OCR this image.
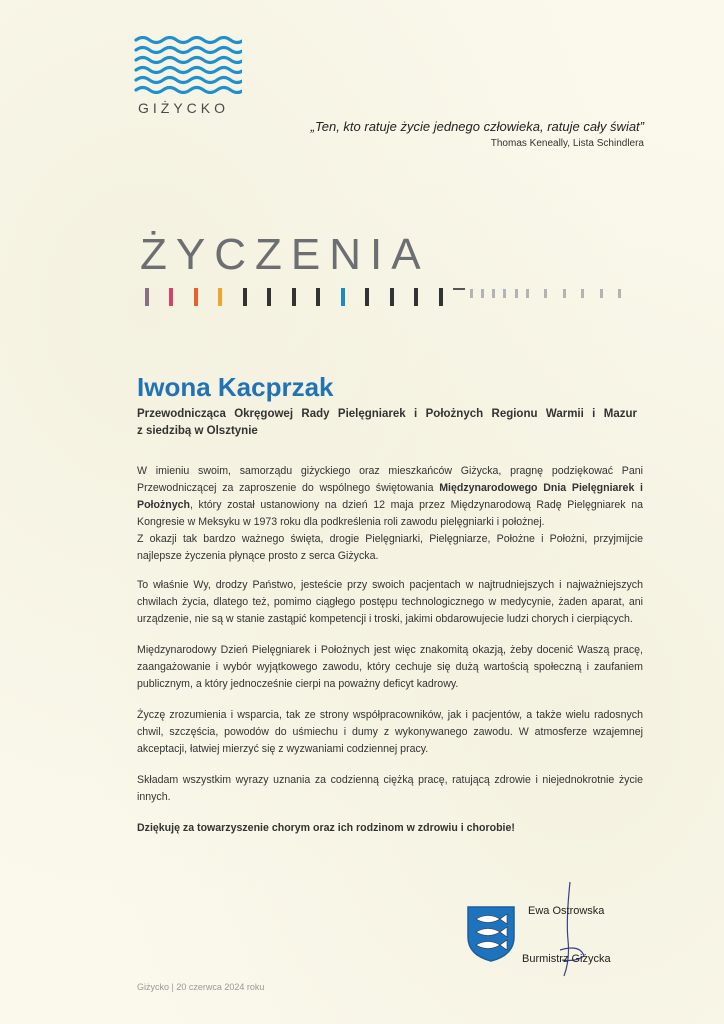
GIŻYCKO
„Ten, kto ratuje życie jednego człowieka, ratuje cały świat”
Thomas Keneally, Lista Schindlera
ŻYCZENIA
Iwona Kacprzak
Przewodnicząca Okręgowej Rady Pielęgniarek i Położnych Regionu Warmii i Mazur
z siedzibą w Olsztynie

W imieniu swoim, samorządu giżyckiego oraz mieszkańców Giżycka, pragnę podziękować Pani Przewodniczącej za zaproszenie do wspólnego świętowania Międzynarodowego Dnia Pielęgniarek i Położnych, który został ustanowiony na dzień 12 maja przez Międzynarodową Radę Pielęgniarek na Kongresie w Meksyku w 1973 roku dla podkreślenia roli zawodu pielęgniarki i położnej.
Z okazji tak bardzo ważnego święta, drogie Pielęgniarki, Pielęgniarze, Położne i Położni, przyjmijcie najlepsze życzenia płynące prosto z serca Giżycka.

To właśnie Wy, drodzy Państwo, jesteście przy swoich pacjentach w najtrudniejszych i najważniejszych chwilach życia, dlatego też, pomimo ciągłego postępu technologicznego w medycynie, żaden aparat, ani urządzenie, nie są w stanie zastąpić kompetencji i troski, jakimi obdarowujecie ludzi chorych i cierpiących.

Międzynarodowy Dzień Pielęgniarek i Położnych jest więc znakomitą okazją, żeby docenić Waszą pracę, zaangażowanie i wybór wyjątkowego zawodu, który cechuje się dużą wartością społeczną i zaufaniem publicznym, a który jednocześnie cierpi na poważny deficyt kadrowy.

Życzę zrozumienia i wsparcia, tak ze strony współpracowników, jak i pacjentów, a także wielu radosnych chwil, szczęścia, powodów do uśmiechu i dumy z wykonywanego zawodu. W atmosferze wzajemnej akceptacji, łatwiej mierzyć się z wyzwaniami codziennej pracy.

Składam wszystkim wyrazy uznania za codzienną ciężką pracę, ratującą zdrowie i niejednokrotnie życie innych.

Dziękuję za towarzyszenie chorym oraz ich rodzinom w zdrowiu i chorobie!

Ewa Ostrowska
Burmistrz Giżycka
Giżycko | 20 czerwca 2024 roku
